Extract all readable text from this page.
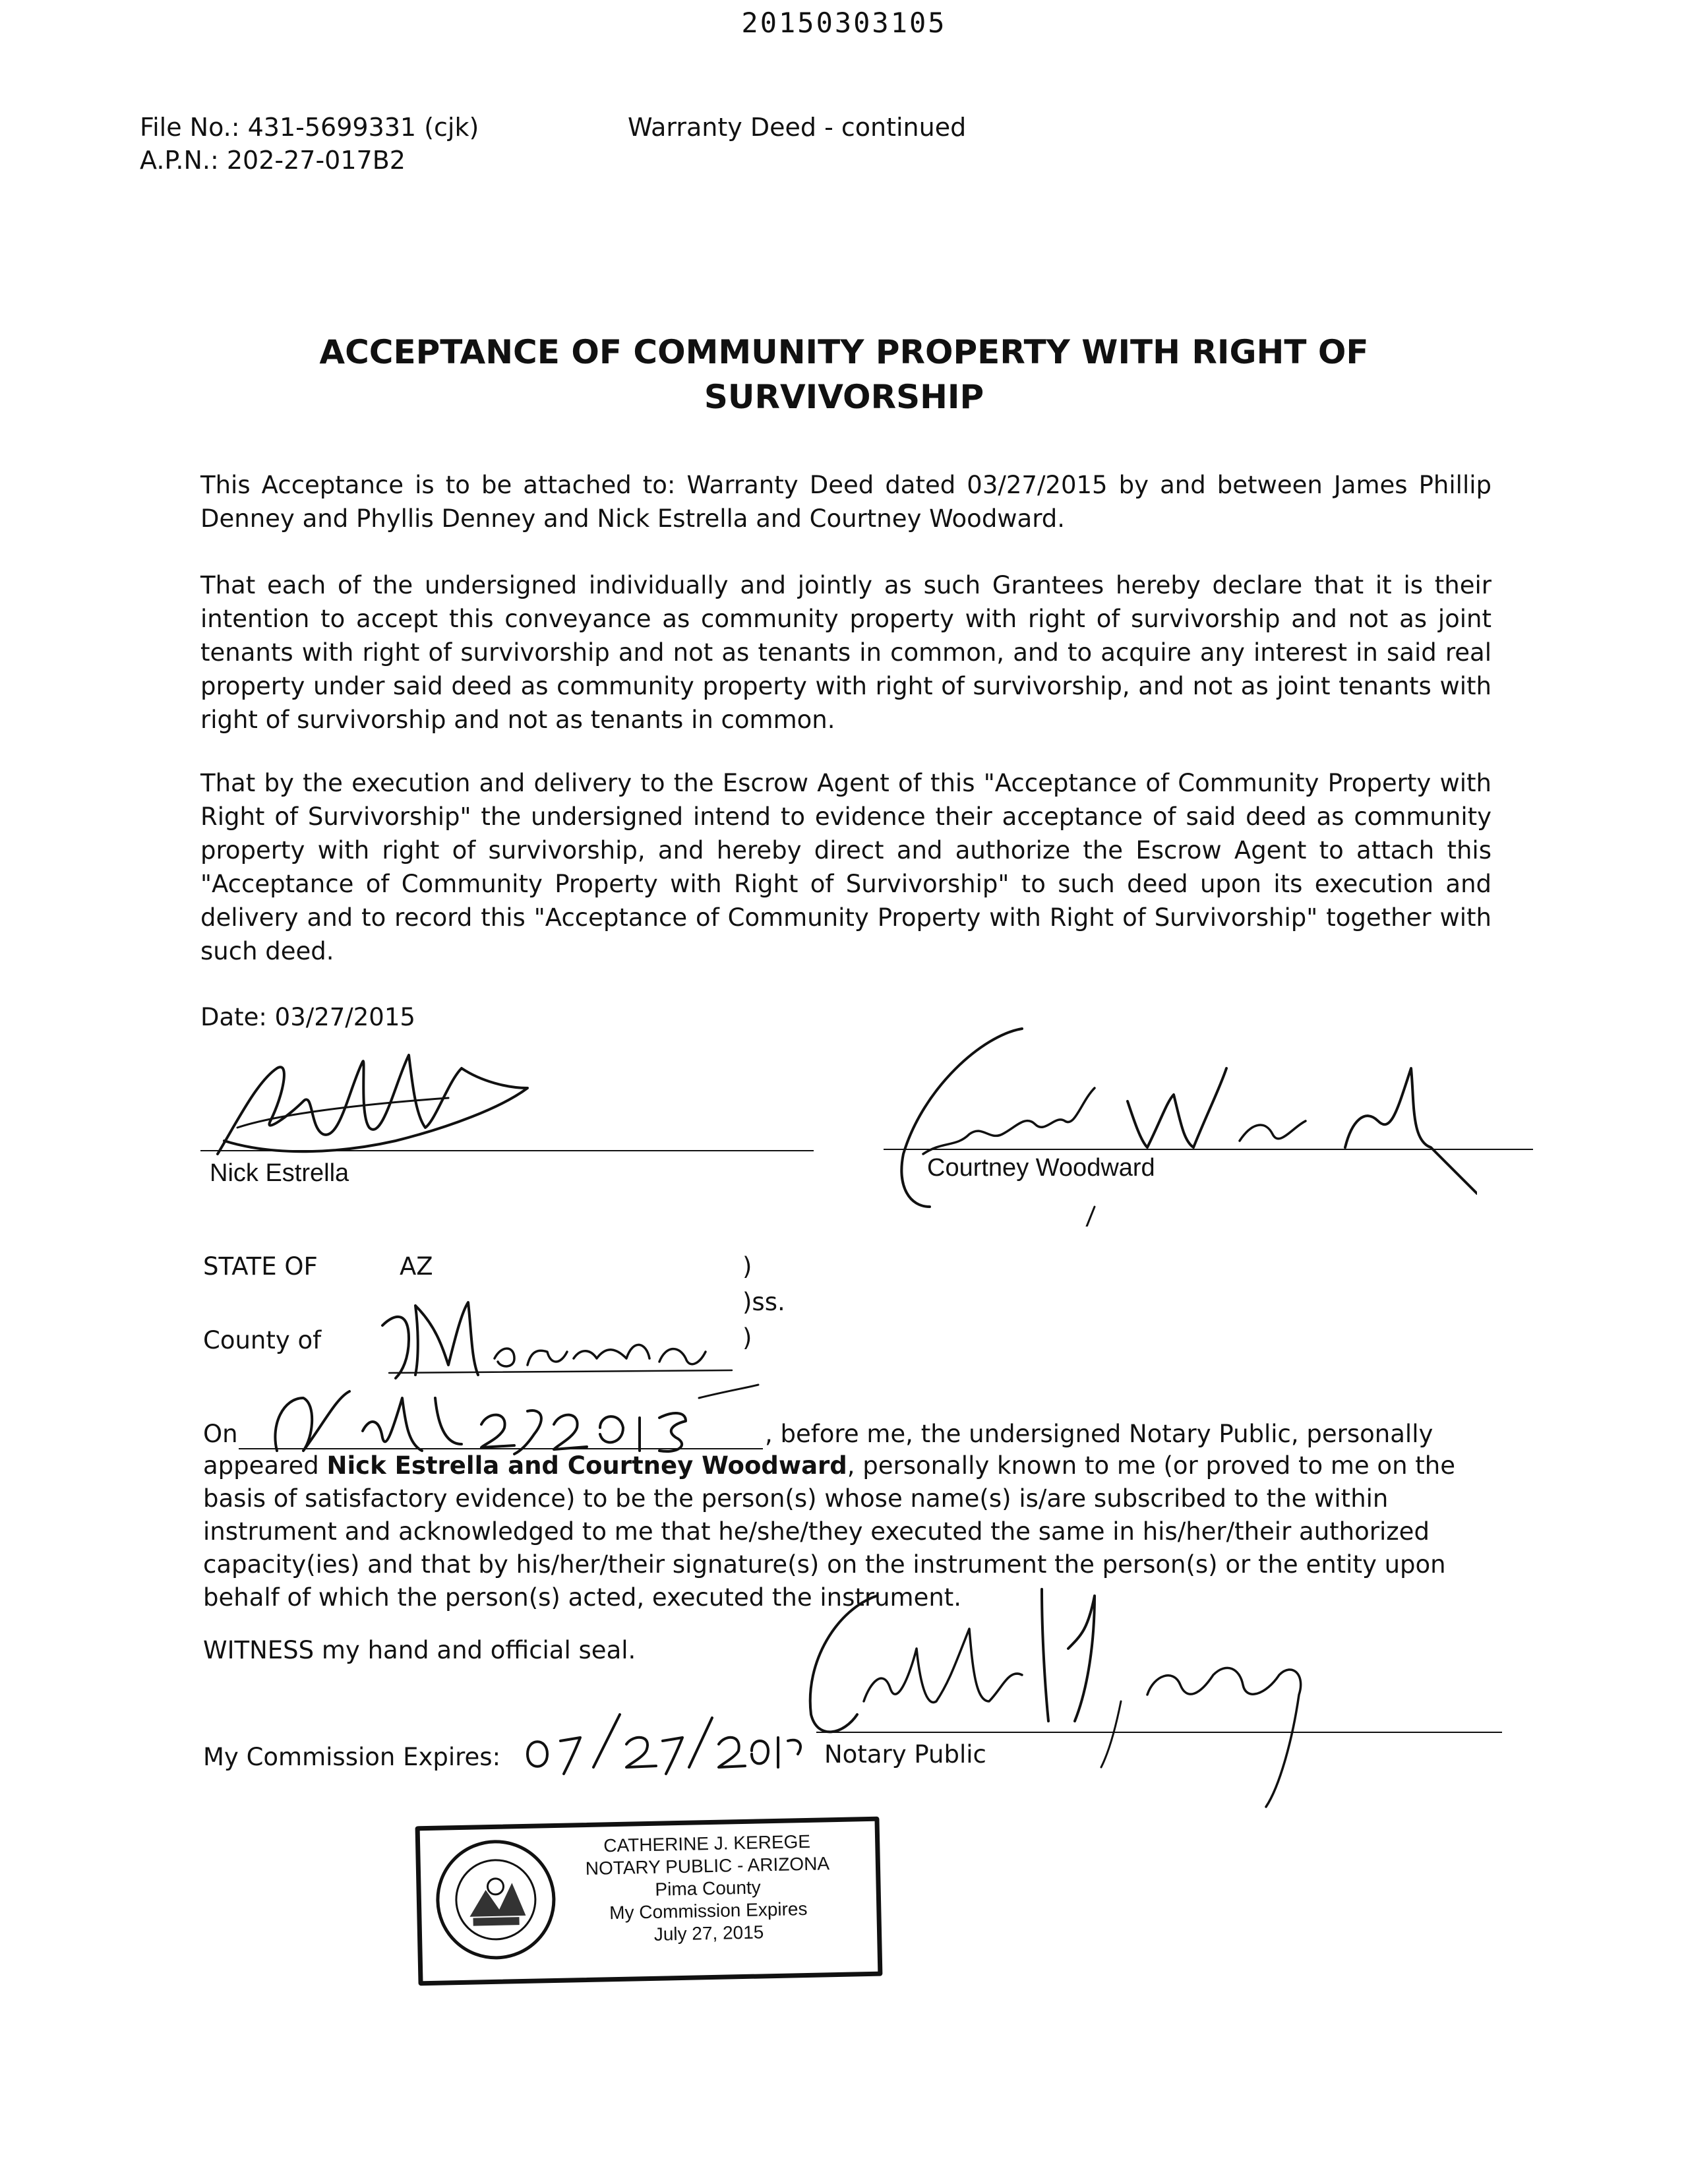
20150303105
File No.: 431-5699331 (cjk)
A.P.N.: 202-27-017B2
Warranty Deed - continued
ACCEPTANCE OF COMMUNITY PROPERTY WITH RIGHT OF
SURVIVORSHIP

This Acceptance is to be attached to: Warranty Deed dated 03/27/2015 by and between James Phillip Denney and Phyllis Denney and Nick Estrella and Courtney Woodward.

That each of the undersigned individually and jointly as such Grantees hereby declare that it is their intention to accept this conveyance as community property with right of survivorship and not as joint tenants with right of survivorship and not as tenants in common, and to acquire any interest in said real property under said deed as community property with right of survivorship, and not as joint tenants with right of survivorship and not as tenants in common.

That by the execution and delivery to the Escrow Agent of this "Acceptance of Community Property with Right of Survivorship" the undersigned intend to evidence their acceptance of said deed as community property with right of survivorship, and hereby direct and authorize the Escrow Agent to attach this "Acceptance of Community Property with Right of Survivorship" to such deed upon its execution and delivery and to record this "Acceptance of Community Property with Right of Survivorship" together with such deed.

Date: 03/27/2015
Nick Estrella	Courtney Woodward
STATE OF	AZ	)
)ss.
)
County of
On	, before me, the undersigned Notary Public, personally
appeared Nick Estrella and Courtney Woodward, personally known to me (or proved to me on the
basis of satisfactory evidence) to be the person(s) whose name(s) is/are subscribed to the within
instrument and acknowledged to me that he/she/they executed the same in his/her/their authorized
capacity(ies) and that by his/her/their signature(s) on the instrument the person(s) or the entity upon
behalf of which the person(s) acted, executed the instrument.
WITNESS my hand and official seal.
My Commission Expires:	Notary Public
CATHERINE J. KEREGE
NOTARY PUBLIC - ARIZONA
Pima County
My Commission Expires
July 27, 2015
